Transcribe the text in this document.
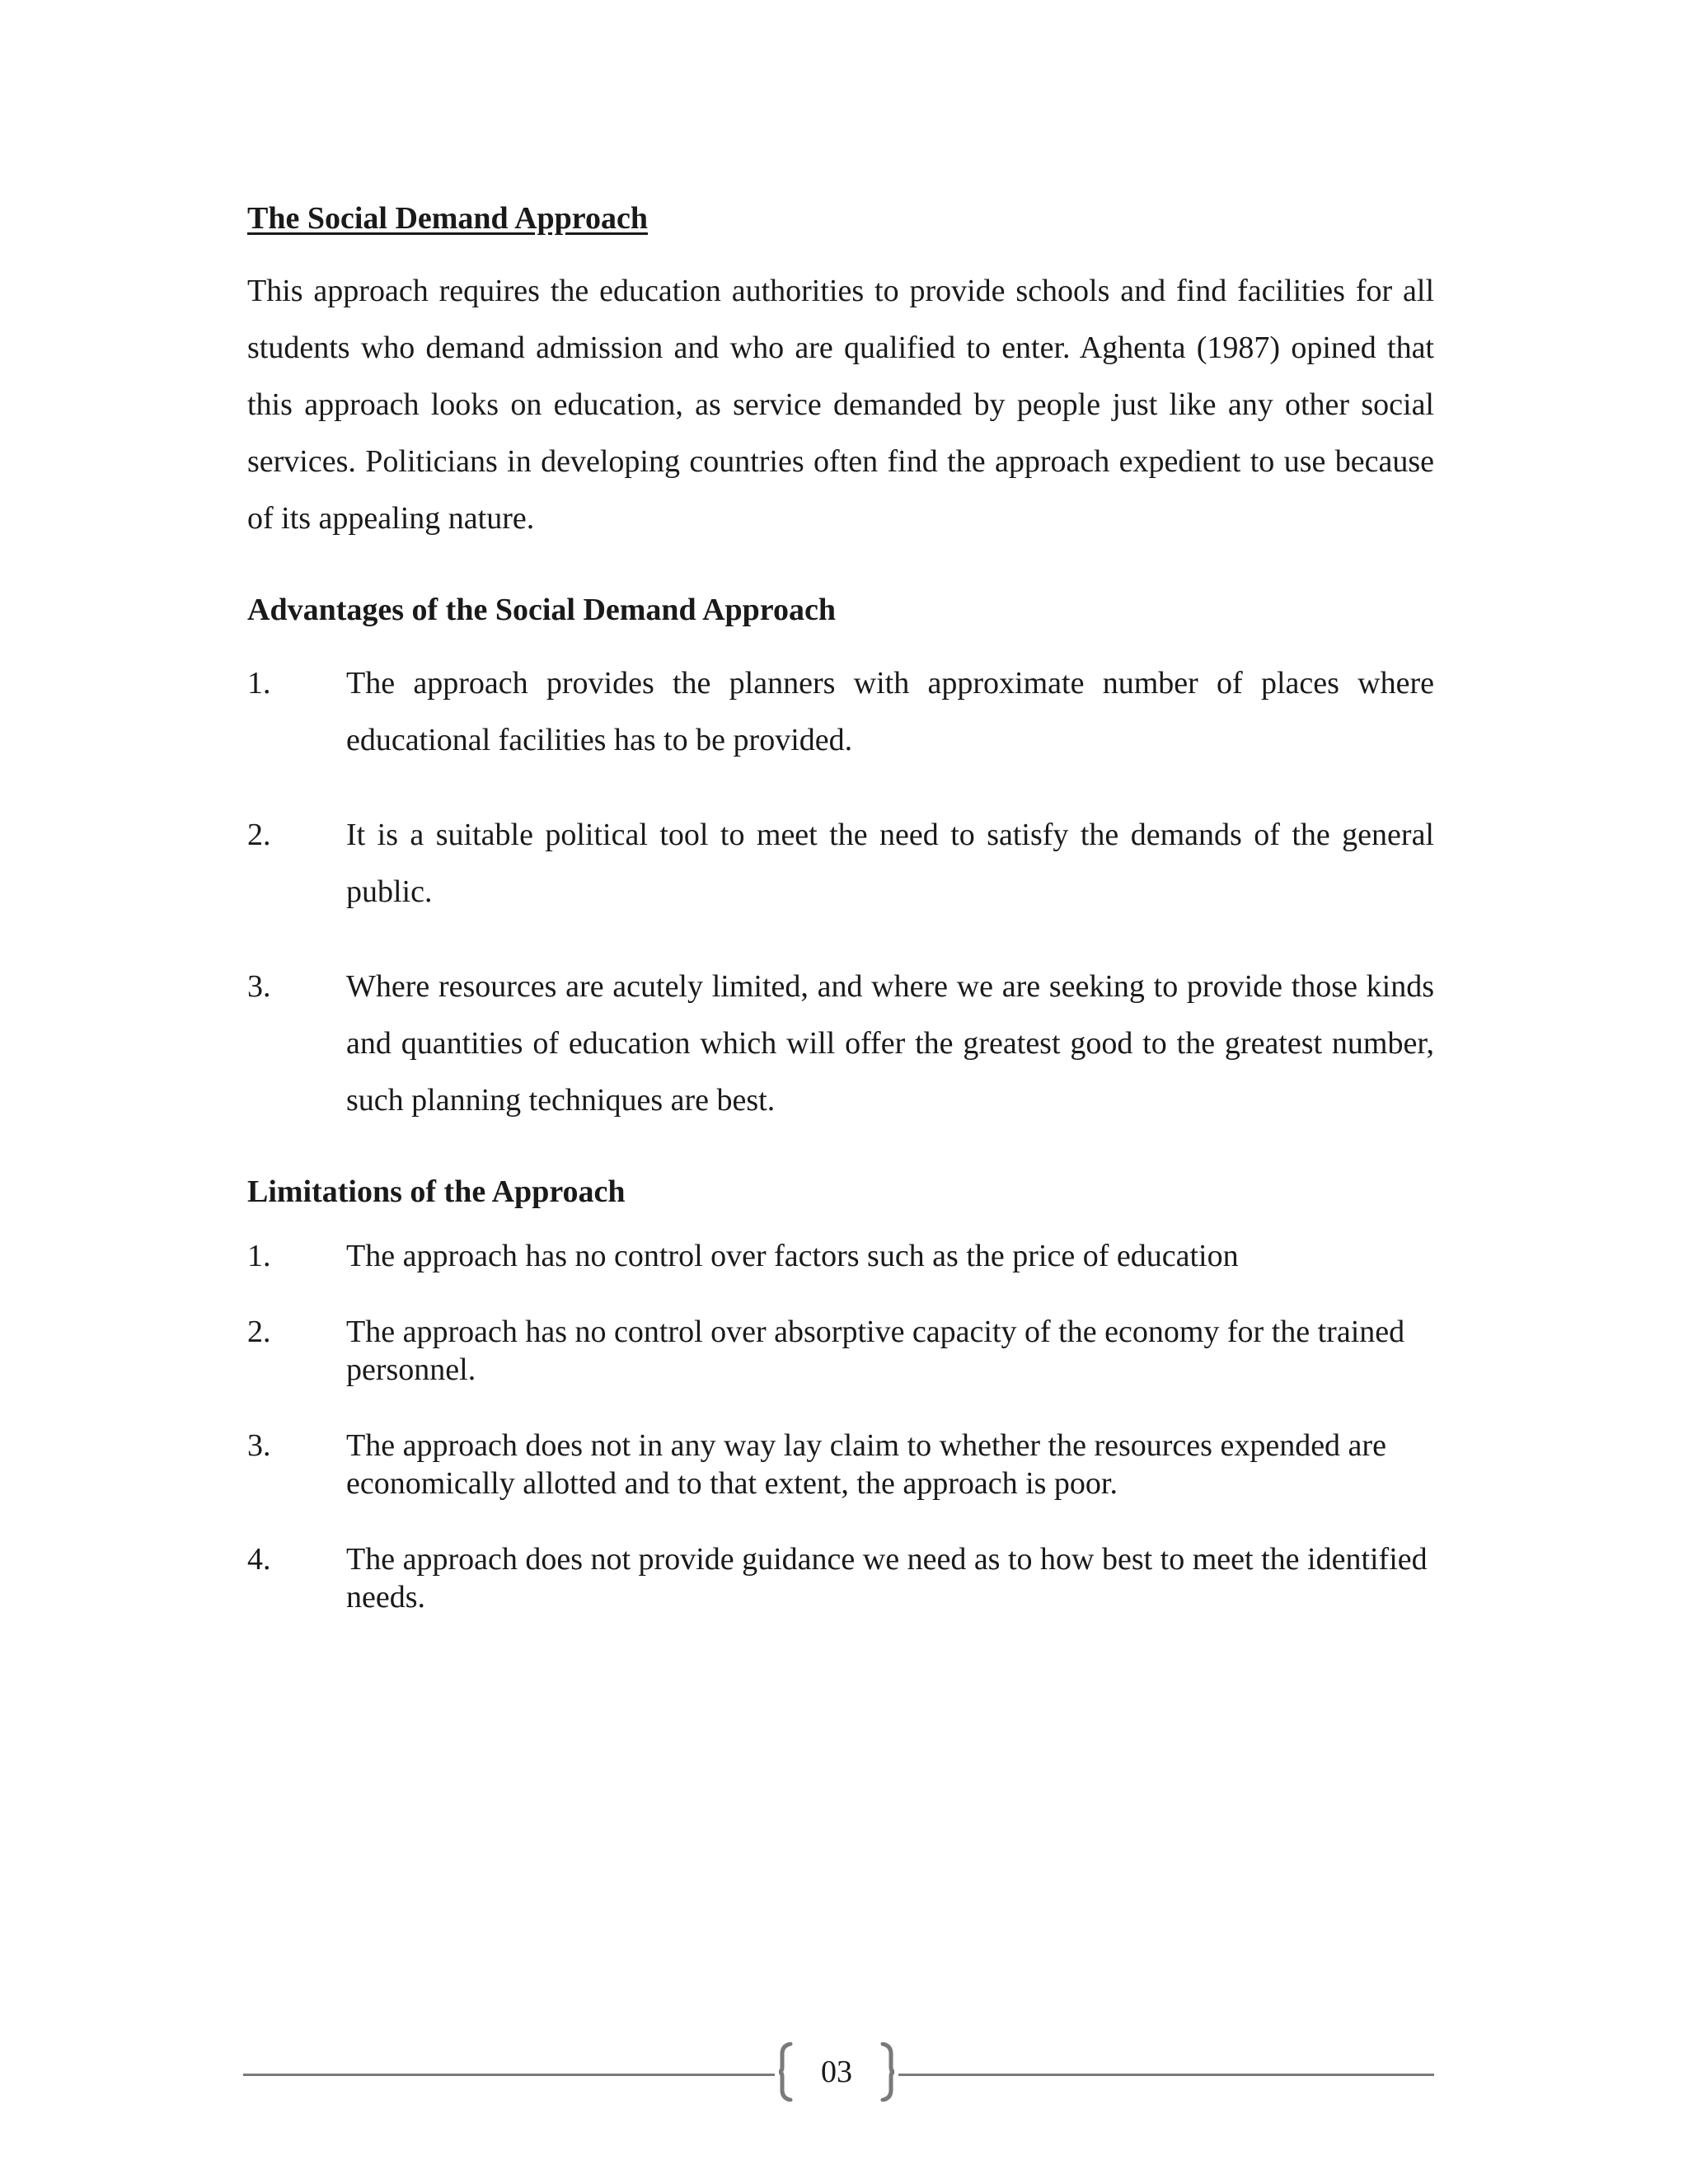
The Social Demand Approach

This approach requires the education authorities to provide schools and find facilities for all students who demand admission and who are qualified to enter. Aghenta (1987) opined that this approach looks on education, as service demanded by people just like any other social services. Politicians in developing countries often find the approach expedient to use because of its appealing nature.

Advantages of the Social Demand Approach
1. The approach provides the planners with approximate number of places where educational facilities has to be provided.
2. It is a suitable political tool to meet the need to satisfy the demands of the general public.
3. Where resources are acutely limited, and where we are seeking to provide those kinds and quantities of education which will offer the greatest good to the greatest number, such planning techniques are best.
Limitations of the Approach
1. The approach has no control over factors such as the price of education
2. The approach has no control over absorptive capacity of the economy for the trained personnel.
3. The approach does not in any way lay claim to whether the resources expended are economically allotted and to that extent, the approach is poor.
4. The approach does not provide guidance we need as to how best to meet the identified needs.
03
